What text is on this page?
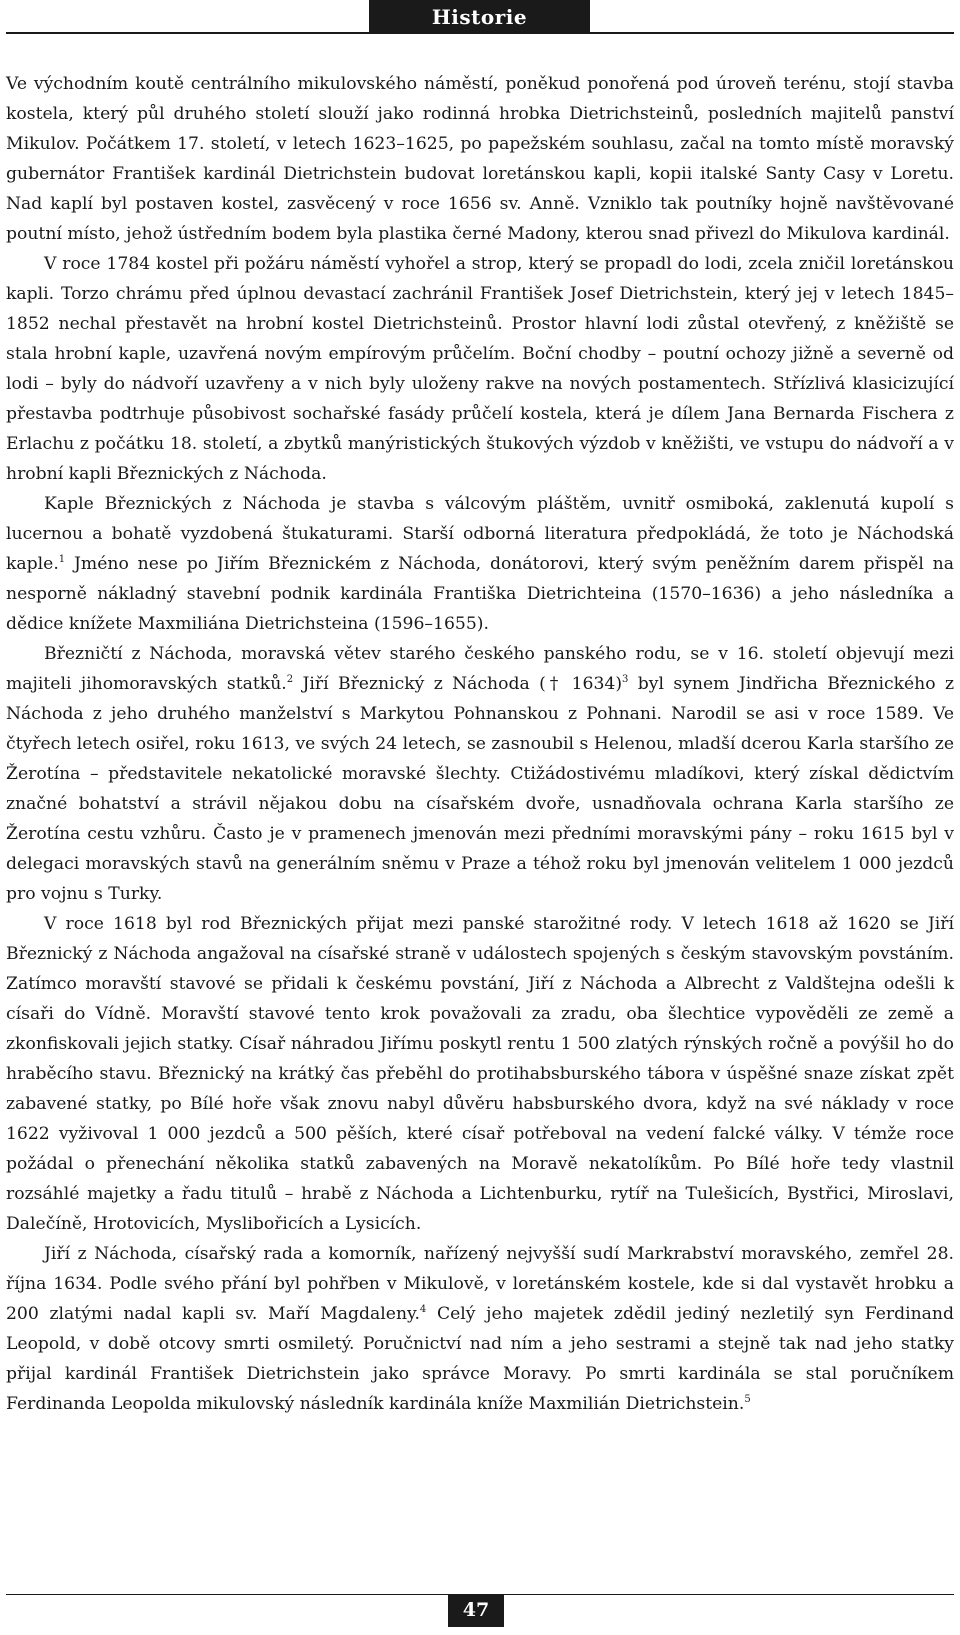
Historie

Ve východním koutě centrálního mikulovského náměstí, poněkud ponořená pod úroveň terénu, stojí stavba kostela, který půl druhého století slouží jako rodinná hrobka Dietrichsteinů, posledních majitelů panství Mikulov. Počátkem 17. století, v letech 1623–1625, po papežském souhlasu, začal na tomto místě moravský gubernátor František kardinál Dietrichstein budovat loretánskou kapli, kopii italské Santy Casy v Loretu. Nad kaplí byl postaven kostel, zasvěcený v roce 1656 sv. Anně. Vzniklo tak poutníky hojně navštěvované poutní místo, jehož ústředním bodem byla plastika černé Madony, kterou snad přivezl do Mikulova kardinál.

V roce 1784 kostel při požáru náměstí vyhořel a strop, který se propadl do lodi, zcela zničil loretánskou kapli. Torzo chrámu před úplnou devastací zachránil František Josef Dietrichstein, který jej v letech 1845–1852 nechal přestavět na hrobní kostel Dietrichsteinů. Prostor hlavní lodi zůstal otevřený, z kněžiště se stala hrobní kaple, uzavřená novým empírovým průčelím. Boční chodby – poutní ochozy jižně a severně od lodi – byly do nádvoří uzavřeny a v nich byly uloženy rakve na nových postamentech. Střízlivá klasicizující přestavba podtrhuje působivost sochařské fasády průčelí kostela, která je dílem Jana Bernarda Fischera z Erlachu z počátku 18. století, a zbytků manýristických štukových výzdob v kněžišti, ve vstupu do nádvoří a v hrobní kapli Březnických z Náchoda.

Kaple Březnických z Náchoda je stavba s válcovým pláštěm, uvnitř osmiboká, zaklenutá kupolí s lucernou a bohatě vyzdobená štukaturami. Starší odborná literatura předpokládá, že toto je Náchodská kaple.$^1$ Jméno nese po Jiřím Březnickém z Náchoda, donátorovi, který svým peněžním darem přispěl na nesporně nákladný stavební podnik kardinála Františka Dietrichteina (1570–1636) a jeho následníka a dědice knížete Maxmiliána Dietrichsteina (1596–1655).

Březničtí z Náchoda, moravská větev starého českého panského rodu, se v 16. století objevují mezi majiteli jihomoravských statků.$^2$ Jiří Březnický z Náchoda († 1634)$^3$ byl synem Jindřicha Březnického z Náchoda z jeho druhého manželství s Markytou Pohnanskou z Pohnani. Narodil se asi v roce 1589. Ve čtyřech letech osiřel, roku 1613, ve svých 24 letech, se zasnoubil s Helenou, mladší dcerou Karla staršího ze Žerotína – představitele nekatolické moravské šlechty. Ctižádostivému mladíkovi, který získal dědictvím značné bohatství a strávil nějakou dobu na císařském dvoře, usnadňovala ochrana Karla staršího ze Žerotína cestu vzhůru. Často je v pramenech jmenován mezi předními moravskými pány – roku 1615 byl v delegaci moravských stavů na generálním sněmu v Praze a téhož roku byl jmenován velitelem 1 000 jezdců pro vojnu s Turky.

V roce 1618 byl rod Březnických přijat mezi panské starožitné rody. V letech 1618 až 1620 se Jiří Březnický z Náchoda angažoval na císařské straně v událostech spojených s českým stavovským povstáním. Zatímco moravští stavové se přidali k českému povstání, Jiří z Náchoda a Albrecht z Valdštejna odešli k císaři do Vídně. Moravští stavové tento krok považovali za zradu, oba šlechtice vypověděli ze země a zkonfiskovali jejich statky. Císař náhradou Jiřímu poskytl rentu 1 500 zlatých rýnských ročně a povýšil ho do hraběcího stavu. Březnický na krátký čas přeběhl do protihabsburského tábora v úspěšné snaze získat zpět zabavené statky, po Bílé hoře však znovu nabyl důvěru habsburského dvora, když na své náklady v roce 1622 vyživoval 1 000 jezdců a 500 pěších, které císař potřeboval na vedení falcké války. V témže roce požádal o přenechání několika statků zabavených na Moravě nekatolíkům. Po Bílé hoře tedy vlastnil rozsáhlé majetky a řadu titulů – hrabě z Náchoda a Lichtenburku, rytíř na Tulešicích, Bystřici, Miroslavi, Dalečíně, Hrotovicích, Myslibořicích a Lysicích.

Jiří z Náchoda, císařský rada a komorník, nařízený nejvyšší sudí Markrabství moravského, zemřel 28. října 1634. Podle svého přání byl pohřben v Mikulově, v loretánském kostele, kde si dal vystavět hrobku a 200 zlatými nadal kapli sv. Maří Magdaleny.$^4$ Celý jeho majetek zdědil jediný nezletilý syn Ferdinand Leopold, v době otcovy smrti osmiletý. Poručnictví nad ním a jeho sestrami a stejně tak nad jeho statky přijal kardinál František Dietrichstein jako správce Moravy. Po smrti kardinála se stal poručníkem Ferdinanda Leopolda mikulovský následník kardinála kníže Maxmilián Dietrichstein.$^5$

47
